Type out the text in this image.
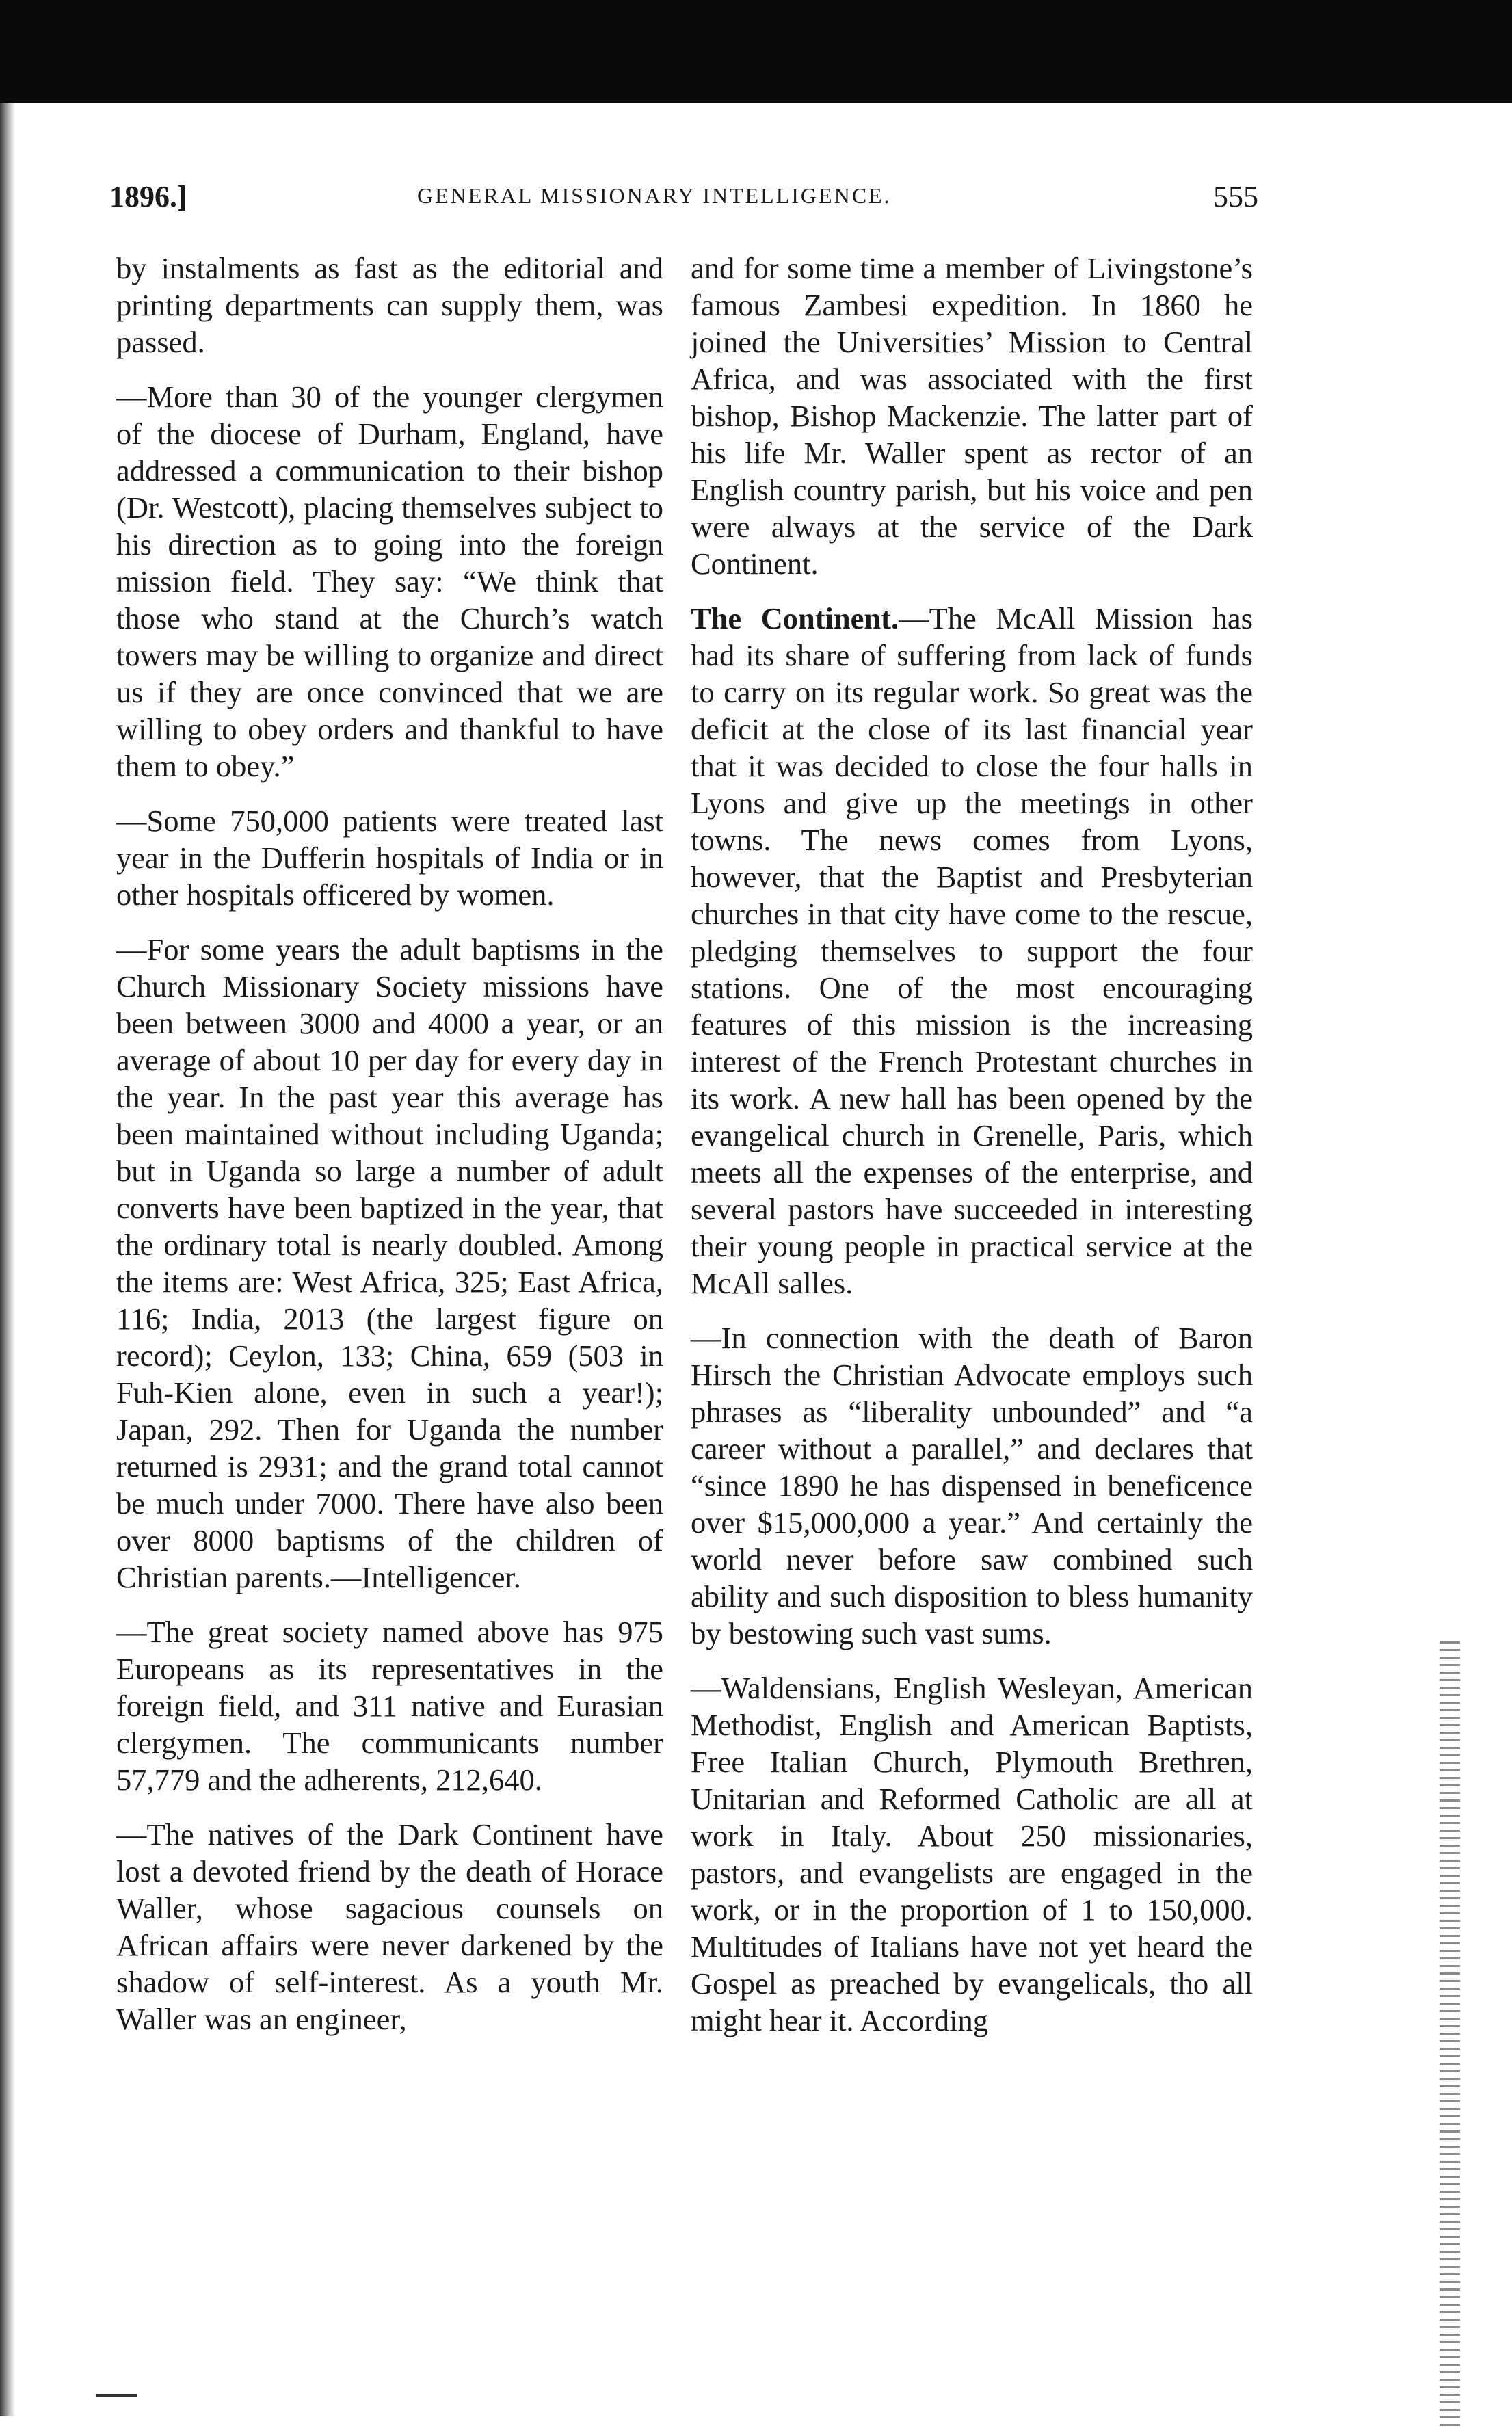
1896.]	GENERAL MISSIONARY INTELLIGENCE.	555

by instalments as fast as the editorial and printing departments can supply them, was passed.

—More than 30 of the younger clergymen of the diocese of Durham, England, have addressed a communication to their bishop (Dr. Westcott), placing themselves subject to his direction as to going into the foreign mission field. They say: “We think that those who stand at the Church’s watch towers may be willing to organize and direct us if they are once convinced that we are willing to obey orders and thankful to have them to obey.”

—Some 750,000 patients were treated last year in the Dufferin hospitals of India or in other hospitals officered by women.

—For some years the adult baptisms in the Church Missionary Society missions have been between 3000 and 4000 a year, or an average of about 10 per day for every day in the year. In the past year this average has been maintained without including Uganda; but in Uganda so large a number of adult converts have been baptized in the year, that the ordinary total is nearly doubled. Among the items are: West Africa, 325; East Africa, 116; India, 2013 (the largest figure on record); Ceylon, 133; China, 659 (503 in Fuh-Kien alone, even in such a year!); Japan, 292. Then for Uganda the number returned is 2931; and the grand total cannot be much under 7000. There have also been over 8000 baptisms of the children of Christian parents.—Intelligencer.

—The great society named above has 975 Europeans as its representatives in the foreign field, and 311 native and Eurasian clergymen. The communicants number 57,779 and the adherents, 212,640.

—The natives of the Dark Continent have lost a devoted friend by the death of Horace Waller, whose sagacious counsels on African affairs were never darkened by the shadow of self-interest. As a youth Mr. Waller was an engineer,

and for some time a member of Livingstone’s famous Zambesi expedition. In 1860 he joined the Universities’ Mission to Central Africa, and was associated with the first bishop, Bishop Mackenzie. The latter part of his life Mr. Waller spent as rector of an English country parish, but his voice and pen were always at the service of the Dark Continent.

The Continent.—The McAll Mission has had its share of suffering from lack of funds to carry on its regular work. So great was the deficit at the close of its last financial year that it was decided to close the four halls in Lyons and give up the meetings in other towns. The news comes from Lyons, however, that the Baptist and Presbyterian churches in that city have come to the rescue, pledging themselves to support the four stations. One of the most encouraging features of this mission is the increasing interest of the French Protestant churches in its work. A new hall has been opened by the evangelical church in Grenelle, Paris, which meets all the expenses of the enterprise, and several pastors have succeeded in interesting their young people in practical service at the McAll salles.

—In connection with the death of Baron Hirsch the Christian Advocate employs such phrases as “liberality unbounded” and “a career without a parallel,” and declares that “since 1890 he has dispensed in beneficence over $15,000,000 a year.” And certainly the world never before saw combined such ability and such disposition to bless humanity by bestowing such vast sums.

—Waldensians, English Wesleyan, American Methodist, English and American Baptists, Free Italian Church, Plymouth Brethren, Unitarian and Reformed Catholic are all at work in Italy. About 250 missionaries, pastors, and evangelists are engaged in the work, or in the proportion of 1 to 150,000. Multitudes of Italians have not yet heard the Gospel as preached by evangelicals, tho all might hear it. According
